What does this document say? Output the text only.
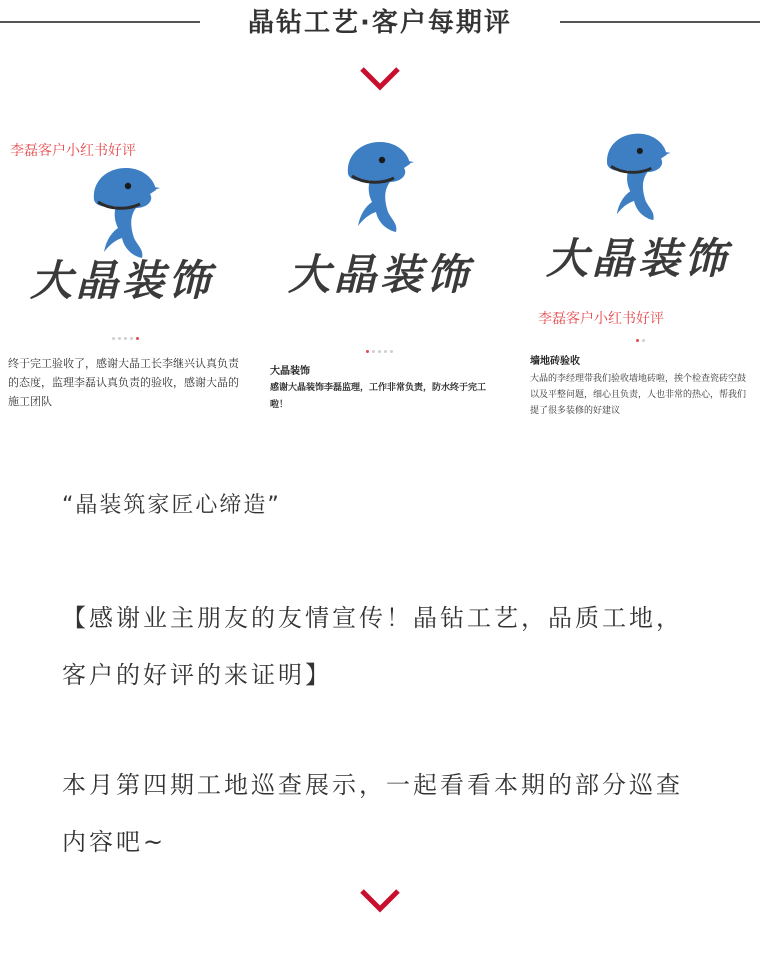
晶钻工艺·客户每期评
李磊客户小红书好评
大晶装饰
终于完工验收了，感谢大晶工长李继兴认真负责的态度，监理李磊认真负责的验收，感谢大晶的施工团队
大晶装饰
大晶装饰
感谢大晶装饰李磊监理，工作非常负责，防水终于完工啦！
大晶装饰
李磊客户小红书好评
墙地砖验收
大晶的李经理带我们验收墙地砖啦，挨个检查瓷砖空鼓以及平整问题，细心且负责，人也非常的热心，帮我们提了很多装修的好建议
“晶装筑家匠心缔造”
【感谢业主朋友的友情宣传！晶钻工艺，品质工地，客户的好评的来证明】
本月第四期工地巡查展示，一起看看本期的部分巡查内容吧~
